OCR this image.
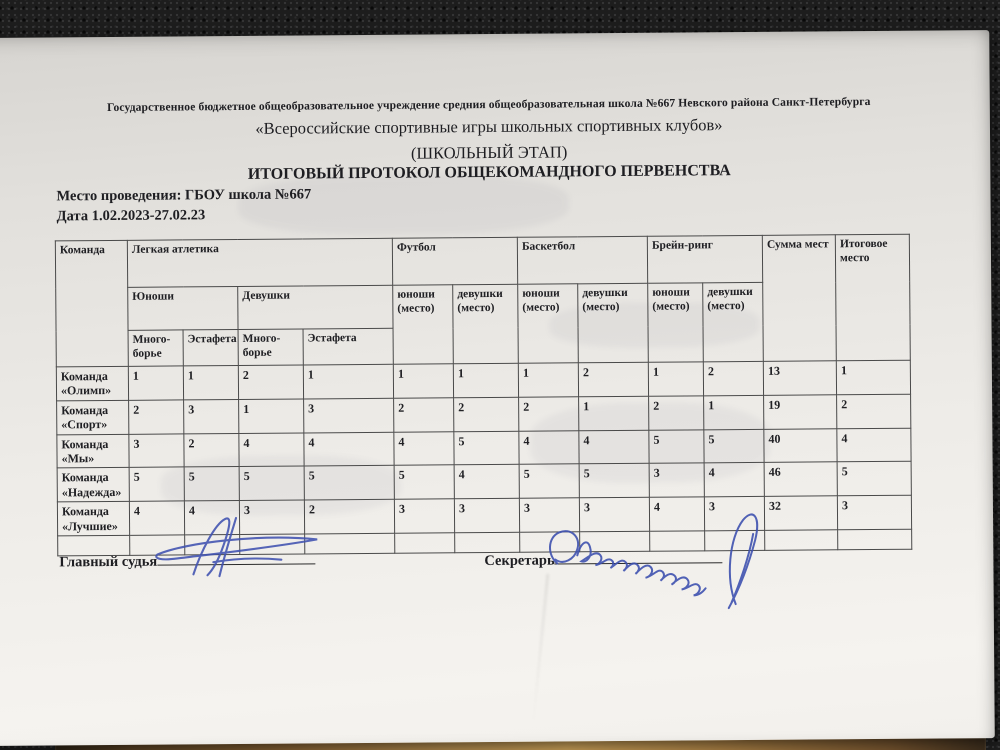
Государственное бюджетное общеобразовательное учреждение средния общеобразовательная школа №667 Невского района Санкт-Петербурга
«Всероссийские спортивные игры школьных спортивных клубов»
(ШКОЛЬНЫЙ ЭТАП)
ИТОГОВЫЙ ПРОТОКОЛ ОБЩЕКОМАНДНОГО ПЕРВЕНСТВА
Место проведения: ГБОУ школа №667
Дата 1.02.2023-27.02.23
Команда	Легкая атлетика				Футбол		Баскетбол		Брейн-ринг		Сумма мест	Итоговое место
	Юноши		Девушки		юноши (место)	девушки (место)	юноши (место)	девушки (место)	юноши (место)	девушки (место)		
	Много-борье	Эстафета	Много-борье	Эстафета								
Команда «Олимп»	1	1	2	1	1	1	1	2	1	2	13	1
Команда «Спорт»	2	3	1	3	2	2	2	1	2	1	19	2
Команда «Мы»	3	2	4	4	4	5	4	4	5	5	40	4
Команда «Надежда»	5	5	5	5	5	4	5	5	3	4	46	5
Команда «Лучшие»	4	4	3	2	3	3	3	3	4	3	32	3

Главный судья	Секретарь
